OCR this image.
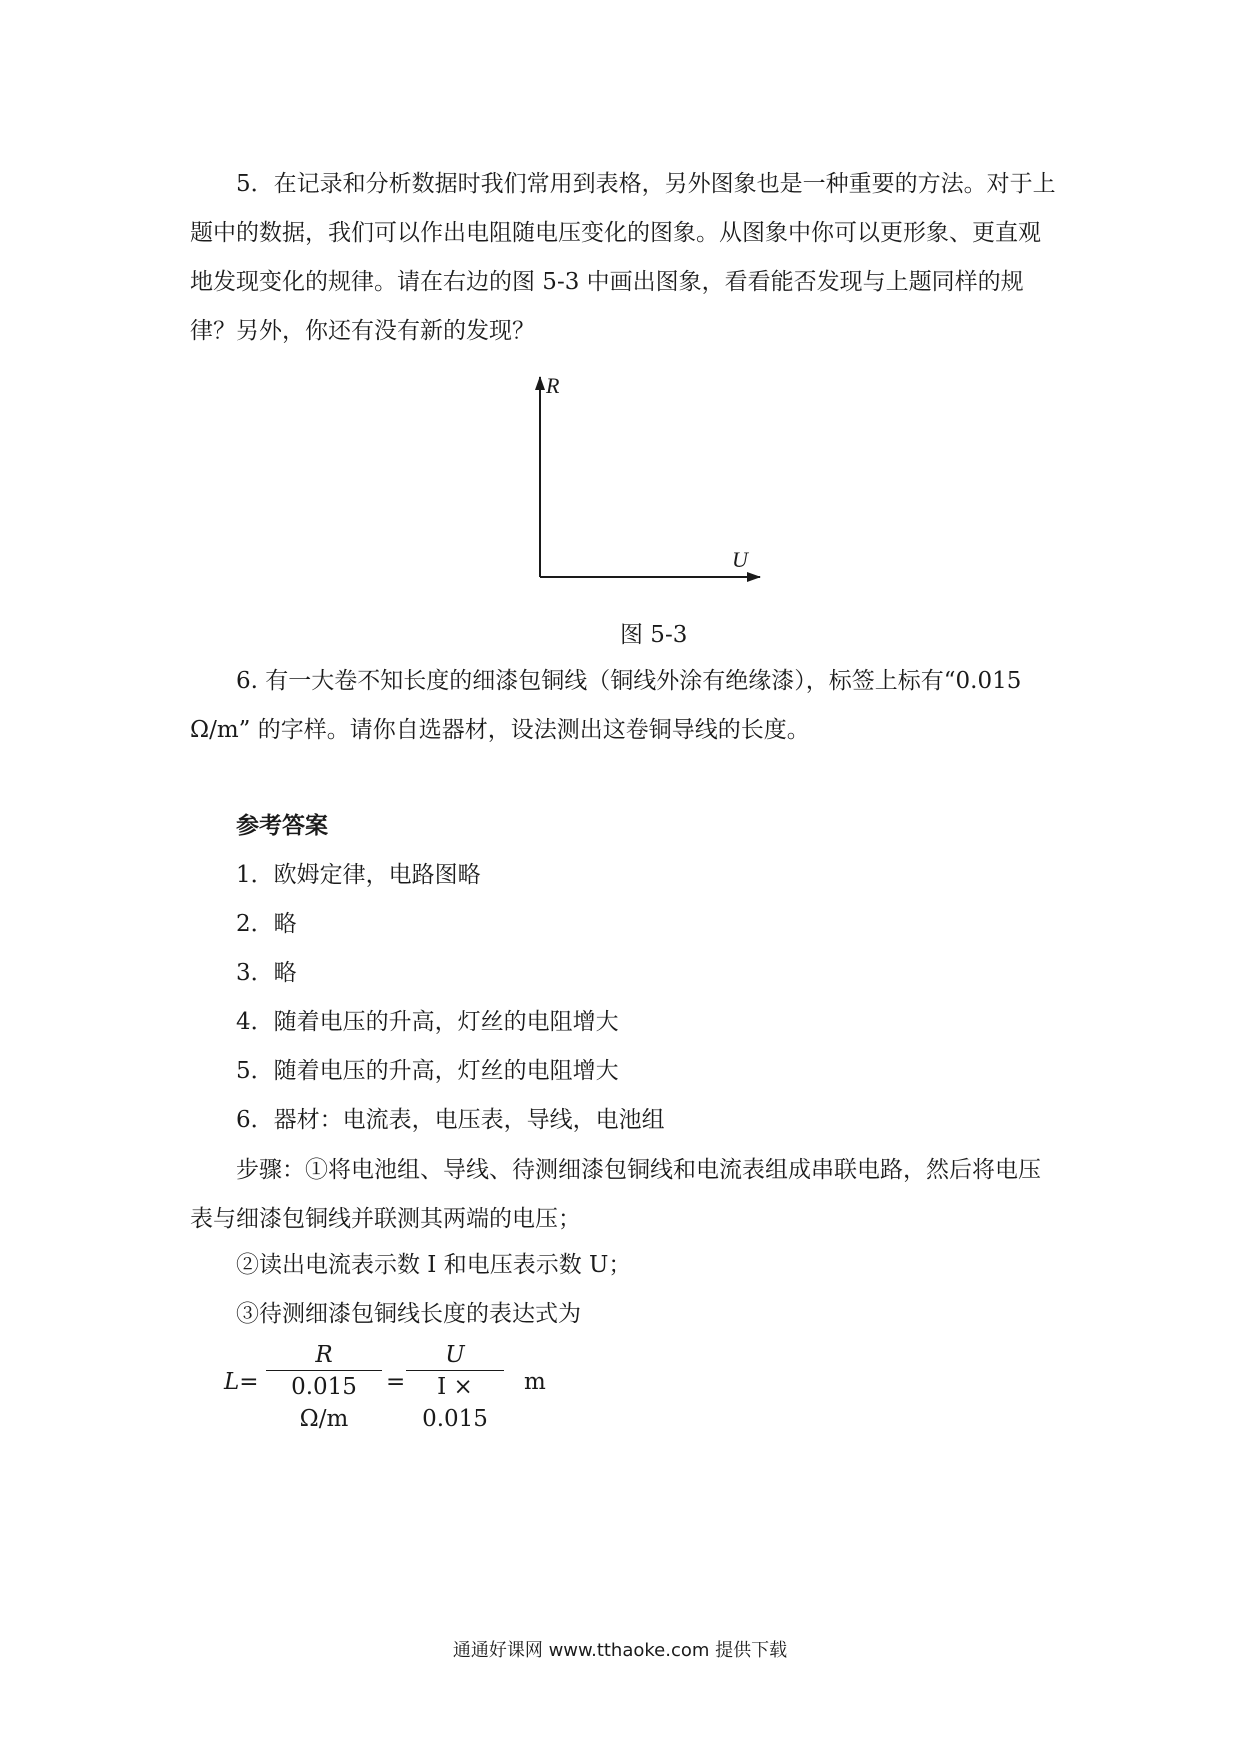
5．在记录和分析数据时我们常用到表格，另外图象也是一种重要的方法。对于上题中的数据，我们可以作出电阻随电压变化的图象。从图象中你可以更形象、更直观地发现变化的规律。请在右边的图 5-3 中画出图象，看看能否发现与上题同样的规律？另外，你还有没有新的发现？

R
U
图 5-3

6. 有一大卷不知长度的细漆包铜线（铜线外涂有绝缘漆），标签上标有“0.015 Ω/m” 的字样。请你自选器材，设法测出这卷铜导线的长度。

参考答案
1．欧姆定律，电路图略
2．略
3．略
4．随着电压的升高，灯丝的电阻增大
5．随着电压的升高，灯丝的电阻增大
6．器材：电流表，电压表，导线，电池组

步骤：①将电池组、导线、待测细漆包铜线和电流表组成串联电路，然后将电压表与细漆包铜线并联测其两端的电压；

②读出电流表示数 I 和电压表示数 U；
③待测细漆包铜线长度的表达式为
L=
R
0.015 Ω/m
=
U
I × 0.015
m
通通好课网 www.tthaoke.com 提供下载
